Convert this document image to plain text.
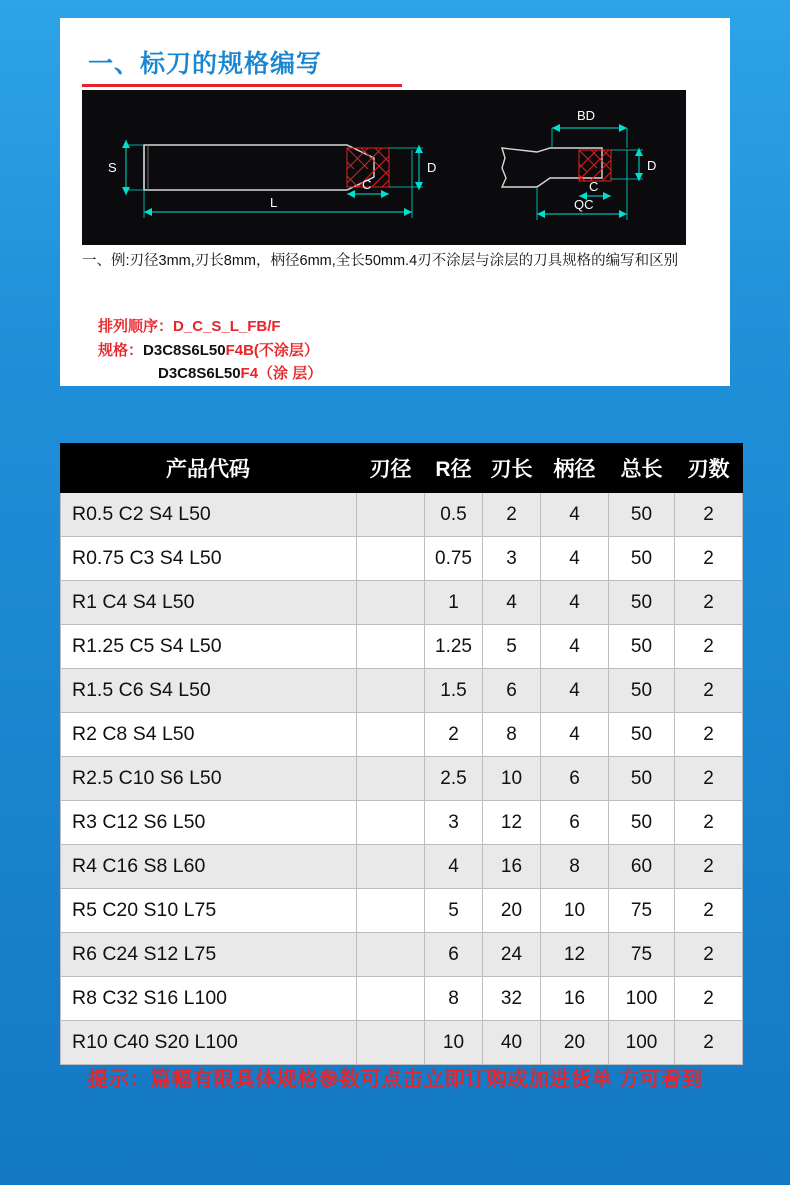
一、标刀的规格编写
S
L
C
D
BD
QC
C
D
一、例:刃径3mm,刃长8mm，柄径6mm,全长50mm.4刃不涂层与涂层的刀具规格的编写和区别
排列顺序：D_C_S_L_FB/F
规格：D3C8S6L50F4B(不涂层）
D3C8S6L50F4（涂 层）
产品代码	刃径	R径	刃长	柄径	总长	刃数
R0.5 C2 S4 L50		0.5	2	4	50	2
R0.75 C3 S4 L50		0.75	3	4	50	2
R1 C4 S4 L50		1	4	4	50	2
R1.25 C5 S4 L50		1.25	5	4	50	2
R1.5 C6 S4 L50		1.5	6	4	50	2
R2 C8 S4 L50		2	8	4	50	2
R2.5 C10 S6 L50		2.5	10	6	50	2
R3 C12 S6 L50		3	12	6	50	2
R4 C16 S8 L60		4	16	8	60	2
R5 C20 S10 L75		5	20	10	75	2
R6 C24 S12 L75		6	24	12	75	2
R8 C32 S16 L100		8	32	16	100	2
R10 C40 S20 L100		10	40	20	100	2
提示：篇幅有限具体规格参数可点击立即订购或加进货单 方可看到
